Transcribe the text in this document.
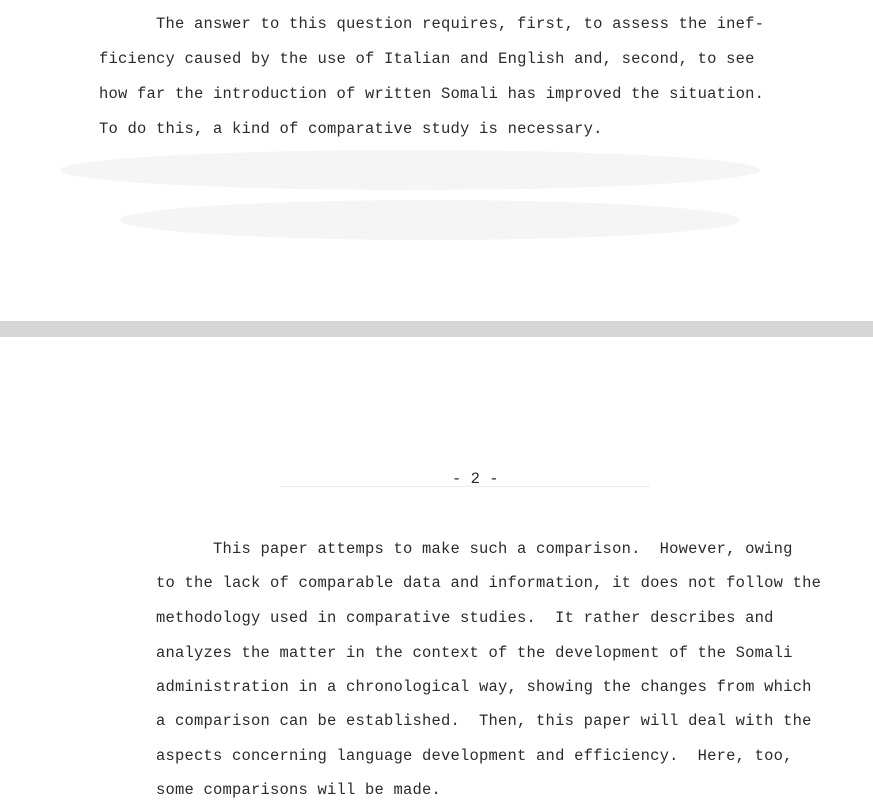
The answer to this question requires, first, to assess the inef-

ficiency caused by the use of Italian and English and, second, to see

how far the introduction of written Somali has improved the situation.

To do this, a kind of comparative study is necessary.

- 2 -

This paper attemps to make such a comparison.  However, owing

to the lack of comparable data and information, it does not follow the

methodology used in comparative studies.  It rather describes and

analyzes the matter in the context of the development of the Somali

administration in a chronological way, showing the changes from which

a comparison can be established.  Then, this paper will deal with the

aspects concerning language development and efficiency.  Here, too,

some comparisons will be made.
